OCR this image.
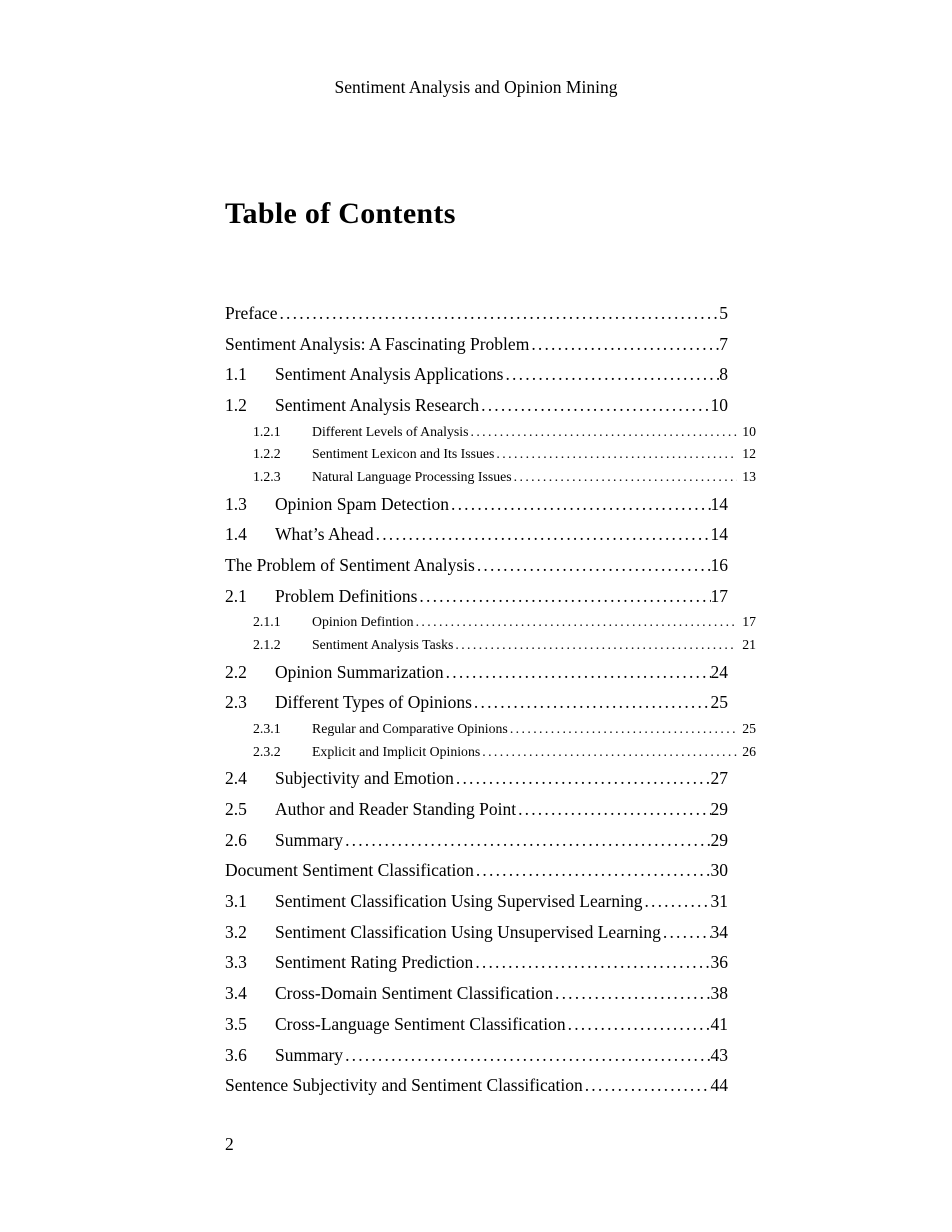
Sentiment Analysis and Opinion Mining
Table of Contents
Preface .....	5
Sentiment Analysis: A Fascinating Problem .....	7
1.1	Sentiment Analysis Applications .....	8
1.2	Sentiment Analysis Research .....	10
1.2.1	Different Levels of Analysis .....	10
1.2.2	Sentiment Lexicon and Its Issues .....	12
1.2.3	Natural Language Processing Issues .....	13
1.3	Opinion Spam Detection .....	14
1.4	What’s Ahead .....	14
The Problem of Sentiment Analysis .....	16
2.1	Problem Definitions .....	17
2.1.1	Opinion Defintion .....	17
2.1.2	Sentiment Analysis Tasks .....	21
2.2	Opinion Summarization .....	24
2.3	Different Types of Opinions .....	25
2.3.1	Regular and Comparative Opinions .....	25
2.3.2	Explicit and Implicit Opinions .....	26
2.4	Subjectivity and Emotion .....	27
2.5	Author and Reader Standing Point .....	29
2.6	Summary .....	29
Document Sentiment Classification .....	30
3.1	Sentiment Classification Using Supervised Learning .....	31
3.2	Sentiment Classification Using Unsupervised Learning .....	34
3.3	Sentiment Rating Prediction .....	36
3.4	Cross-Domain Sentiment Classification .....	38
3.5	Cross-Language Sentiment Classification .....	41
3.6	Summary .....	43
Sentence Subjectivity and Sentiment Classification .....	44
2
